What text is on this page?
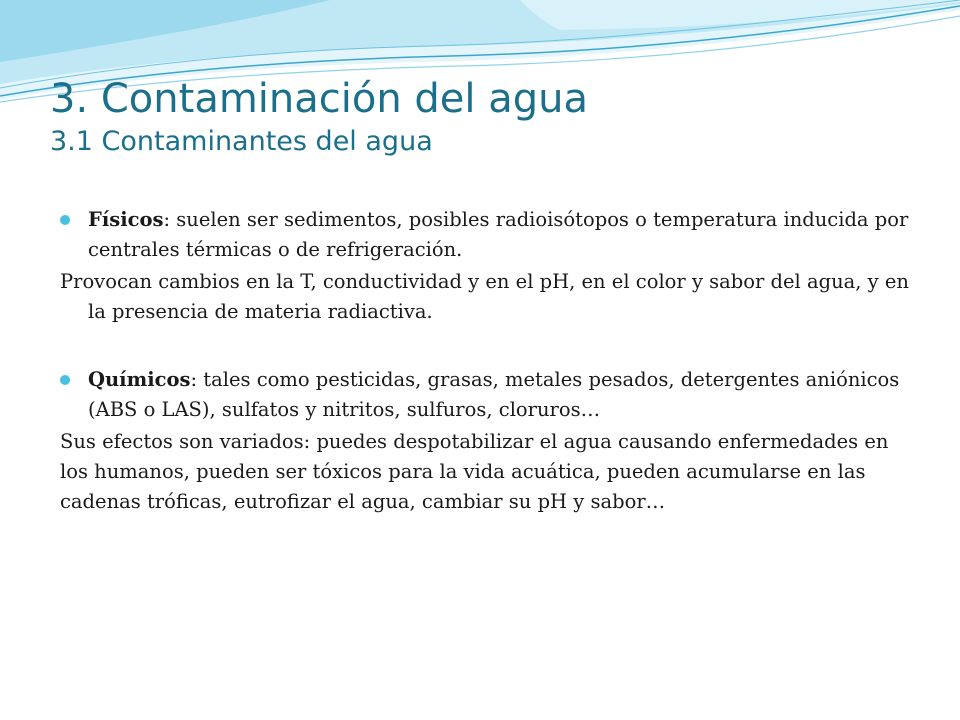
3. Contaminación del agua
3.1 Contaminantes del agua

Físicos: suelen ser sedimentos, posibles radioisótopos o temperatura inducida por centrales térmicas o de refrigeración.

Provocan cambios en la T, conductividad y en el pH, en el color y sabor del agua, y en la presencia de materia radiactiva.

Químicos: tales como pesticidas, grasas, metales pesados, detergentes aniónicos (ABS o LAS), sulfatos y nitritos, sulfuros, cloruros…

Sus efectos son variados: puedes despotabilizar el agua causando enfermedades en los humanos, pueden ser tóxicos para la vida acuática, pueden acumularse en las cadenas tróficas, eutrofizar el agua, cambiar su pH y sabor…
